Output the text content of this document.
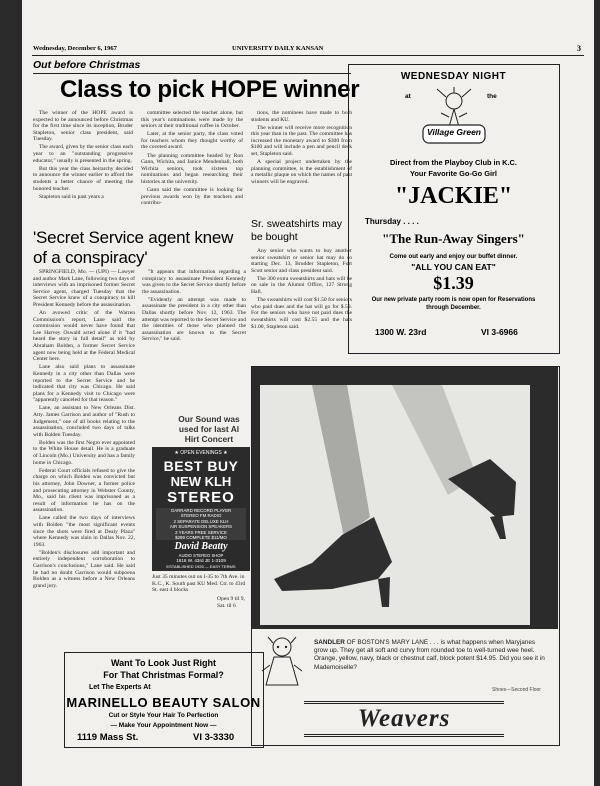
Wednesday, December 6, 1967	UNIVERSITY DAILY KANSAN	3
Out before Christmas
Class to pick HOPE winner

The winner of the HOPE award is expected to be announced before Christmas for the first time since its inception, Bruder Stapleton, senior class president, said Tuesday.

The award, given by the senior class each year to an "outstanding progressive educator," usually is presented in the spring.

But this year the class heirarchy decided to announce the winner earlier to afford the students a better chance of meeting the honored teacher.

Stapleton said in past years a

committee selected the teacher alone, but this year's nominations were made by the seniors at their traditional coffee in October.

Later, at the senior party, the class voted for teachers whom they thought worthy of the coveted award.

The planning committee headed by Ron Gann, Wichita, and Janice Mendenhall, both Wichita seniors, took sixteen top nominations and began researching their histories at the university.

Gann said the committee is looking for previous awards won by the teachers and contribu-

tions, the nominees have made to both students and KU.

The winner will receive more recognition this year than in the past. The committee has increased the monetary award to $300 from $100 and will include a pen and pencil desk set, Stapleton said.

A special project undertaken by the planning committee, is the establishment of a metallic plaque on which the names of past winners will be engraved.

Sr. sweatshirts may be bought

Any senior who wants to buy another senior sweatshirt or senior hat may do so starting Dec. 13, Brudder Stapleton, Fort Scott senior and class president said.

The 300 extra sweatshirts and hats will be on sale in the Alumni Office, 127 Strong Hall.

The sweatshirts will cost $1.50 for seniors who paid dues and the hat will go for $.50. For the seniors who have not paid dues the sweatshirts will cost $2.55 and the hats $1.00, Stapleton said.

'Secret Service agent knew of a conspiracy'

SPRINGFIELD, Mo. — (UPI) — Lawyer and author Mark Lane, following two days of interviews with an imprisoned former Secret Service agent, charged Tuesday that the Secret Service knew of a conspiracy to kill President Kennedy before the assassination.

An avowed critic of the Warren Commission's report, Lane said the commission would never have found that Lee Harvey Oswald acted alone if it "had heard the story in full detail" as told by Abraham Bolden, a former Secret Service agent now being held at the Federal Medical Center here.

Lane also said plans to assassinate Kennedy in a city other than Dallas were reported to the Secret Service and he indicated that city was Chicago. He said plans for a Kennedy visit to Chicago were "apparently canceled for that reason."

Lane, an assistant to New Orleans Dist. Atty. James Garrison and author of "Rush to Judgement," one of all books relating to the assassination, concluded two days of talks with Bolden Tuesday.

Bolden was the first Negro ever appointed to the White House detail. He is a graduate of Lincoln (Mo.) University and has a family home in Chicago.

Federal Court officials refused to give the charge on which Bolden was convicted but his attorney, John Downer, a former police and prosecuting attorney in Webster County, Mo., said his client was imprisoned as a result of information he has on the assassination.

Lane called the two days of interviews with Bolden "the most significant events since the shots were fired at Dealy Plaza" where Kennedy was slain in Dallas Nov. 22, 1963.

"Bolden's disclosures add important and entirely independent corroboration to Garrison's conclusions," Lane said. He said he had no doubt Garrison would subpoena Bolden as a witness before a New Orleans grand jury.

"It appears that information regarding a conspiracy to assassinate President Kennedy was given to the Secret Service shortly before the assassination.

"Evidently an attempt was made to assassinate the president in a city other than Dallas shortly before Nov. 12, 1963. The attempt was reported to the Secret Service and the identities of those who planned the assassination are known to the Secret Service," he said.

Our Sound was used for last Al Hirt Concert
★ OPEN EVENINGS ★
BEST BUY
NEW KLH
STEREO
GARRARD RECORD PLAYER
STEREO FM RADIO
2 SEPARATE DELUXE KLH
AIR SUSPENSION SPEAKERS
2 YEARS FREE SERVICE
$299 COMPLETE $11/MO
David Beatty
AUDIO STEREO SHOP
1616 W. 43rd JE 1-3109
ESTABLISHED 1926 — EASY TERMS
Just 35 minutes out on I-35 to 7th Ave. in K.C., K. South past KU Med. Ctr. to 43rd St. east 4 blocks
Open 9 til 9,
Sat. til 6
Want To Look Just Right
For That Christmas Formal?
Let The Experts At
MARINELLO BEAUTY SALON
Cut or Style Your Hair To Perfection
— Make Your Appointment Now —
1119 Mass St.	VI 3-3330
WEDNESDAY NIGHT
at	the
Village Green
Direct from the Playboy Club in K.C.
Your Favorite Go-Go Girl
"JACKIE"
Thursday . . . .
"The Run-Away Singers"
Come out early and enjoy our buffet dinner.
"ALL YOU CAN EAT"
$1.39
Our new private party room is now open for Reservations through December.
1300 W. 23rd	VI 3-6966
SANDLER OF BOSTON'S MARY LANE . . . is what happens when Maryjanes grow up. They get all soft and curvy from rounded toe to well-turned wee heel. Orange, yellow, navy, black or chestnut calf, block potent $14.95. Did you see it in Mademoiselle?
Shoes—Second Floor
Weavers
